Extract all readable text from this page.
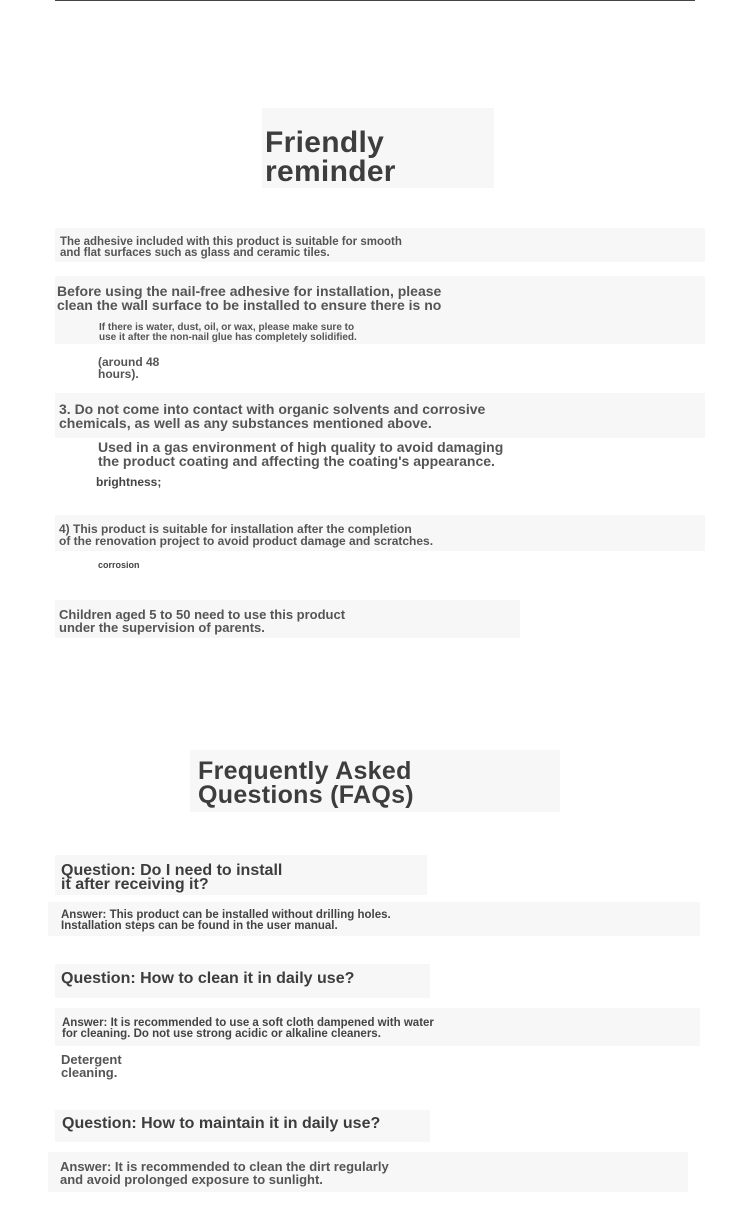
Friendly
reminder
The adhesive included with this product is suitable for smooth
and flat surfaces such as glass and ceramic tiles.
Before using the nail-free adhesive for installation, please
clean the wall surface to be installed to ensure there is no
If there is water, dust, oil, or wax, please make sure to
use it after the non-nail glue has completely solidified.
(around 48
hours).
3. Do not come into contact with organic solvents and corrosive
chemicals, as well as any substances mentioned above.
Used in a gas environment of high quality to avoid damaging
the product coating and affecting the coating's appearance.
brightness;
4) This product is suitable for installation after the completion
of the renovation project to avoid product damage and scratches.
corrosion
Children aged 5 to 50 need to use this product
under the supervision of parents.
Frequently Asked
Questions (FAQs)
Question: Do I need to install
it after receiving it?
Answer: This product can be installed without drilling holes.
Installation steps can be found in the user manual.
Question: How to clean it in daily use?
Answer: It is recommended to use a soft cloth dampened with water
for cleaning. Do not use strong acidic or alkaline cleaners.
Detergent
cleaning.
Question: How to maintain it in daily use?
Answer: It is recommended to clean the dirt regularly
and avoid prolonged exposure to sunlight.
